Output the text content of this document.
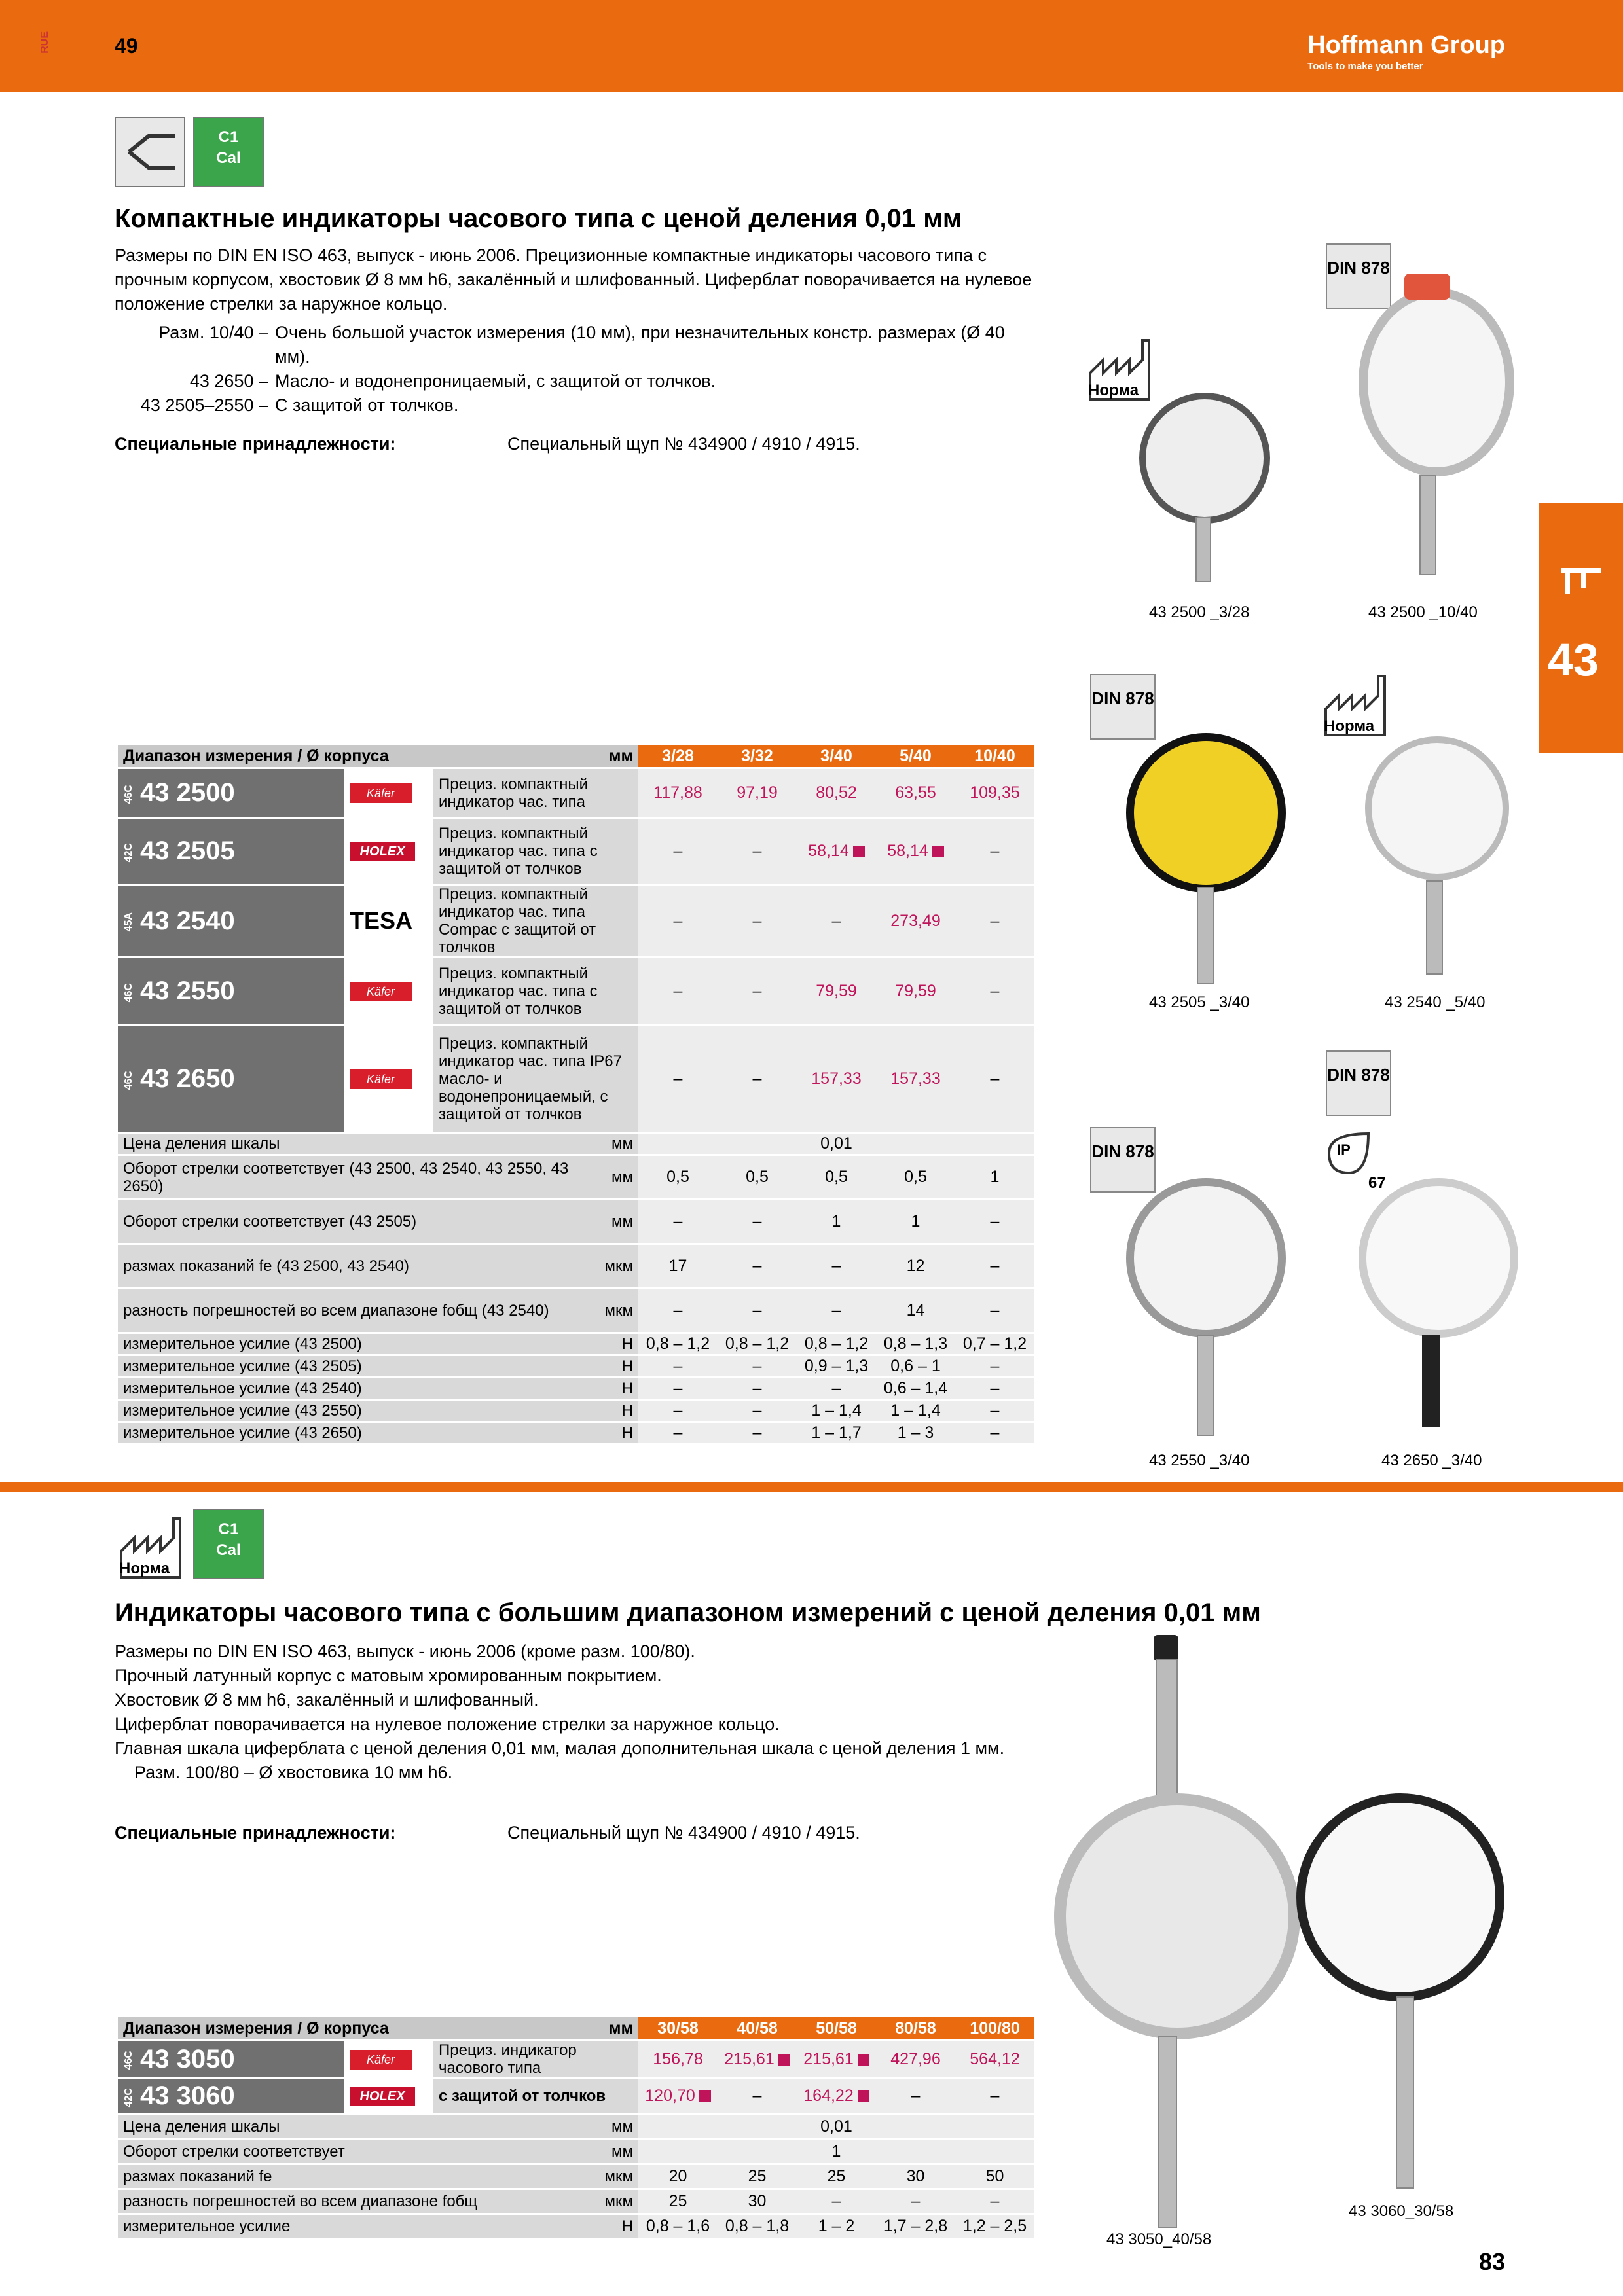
RUE	49	Hoffmann Group
Tools to make you better
43
C1
Cal
Компактные индикаторы часового типа с ценой деления 0,01 мм
Размеры по DIN EN ISO 463, выпуск - июнь 2006. Прецизионные компактные индикаторы часового типа с прочным корпусом, хвостовик Ø 8 мм h6, закалённый и шлифованный. Циферблат поворачивается на нулевое положение стрелки за наружное кольцо.
Разм. 10/40 – Очень большой участок измерения (10 мм), при незначительных констр. размерах (Ø 40 мм).
43 2650 – Масло- и водонепроницаемый, с защитой от толчков.
43 2505–2550 – С защитой от толчков.
Специальные принадлежности:	Специальный щуп № 434900 / 4910 / 4915.
Диапазон измерения / Ø корпуса			мм	3/28	3/32	3/40	5/40	10/40
46C 43 2500	Käfer	Прециз. компактный индикатор час. типа		117,88	97,19	80,52	63,55	109,35
42C 43 2505	HOLEX	Прециз. компактный индикатор час. типа с защитой от толчков		–	–	58,14	58,14	–
45A 43 2540	TESA	Прециз. компактный индикатор час. типа Compac с защитой от толчков		–	–	–	273,49	–
46C 43 2550	Käfer	Прециз. компактный индикатор час. типа с защитой от толчков		–	–	79,59	79,59	–
46C 43 2650	Käfer	Прециз. компактный индикатор час. типа IP67 масло- и водонепроницаемый, с защитой от толчков		–	–	157,33	157,33	–
Цена деления шкалы			мм	0,01				
Оборот стрелки соответствует (43 2500, 43 2540, 43 2550, 43 2650)			мм	0,5	0,5	0,5	0,5	1
Оборот стрелки соответствует (43 2505)			мм	–	–	1	1	–
размах показаний fe (43 2500, 43 2540)			мкм	17	–	–	12	–
разность погрешностей во всем диапазоне fобщ (43 2540)			мкм	–	–	–	14	–
измерительное усилие (43 2500)			Н	0,8 – 1,2	0,8 – 1,2	0,8 – 1,2	0,8 – 1,3	0,7 – 1,2
измерительное усилие (43 2505)			Н	–	–	0,9 – 1,3	0,6 – 1	–
измерительное усилие (43 2540)			Н	–	–	–	0,6 – 1,4	–
измерительное усилие (43 2550)			Н	–	–	1 – 1,4	1 – 1,4	–
измерительное усилие (43 2650)			Н	–	–	1 – 1,7	1 – 3	–
Норма
43 2500 _3/28
DIN 878
43 2500 _10/40
DIN 878
43 2505 _3/40
Норма
43 2540 _5/40
DIN 878
43 2550 _3/40
DIN 878
IP
67
43 2650 _3/40
Норма
C1
Cal
Индикаторы часового типа с большим диапазоном измерений с ценой деления 0,01 мм
Размеры по DIN EN ISO 463, выпуск - июнь 2006 (кроме разм. 100/80).
Прочный латунный корпус с матовым хромированным покрытием.
Хвостовик Ø 8 мм h6, закалённый и шлифованный.
Циферблат поворачивается на нулевое положение стрелки за наружное кольцо.
Главная шкала циферблата с ценой деления 0,01 мм, малая дополнительная шкала с ценой деления 1 мм.
Разм. 100/80 – Ø хвостовика 10 мм h6.
Специальные принадлежности:	Специальный щуп № 434900 / 4910 / 4915.
Диапазон измерения / Ø корпуса			мм	30/58	40/58	50/58	80/58	100/80
46C 43 3050	Käfer	Прециз. индикатор часового типа		156,78	215,61	215,61	427,96	564,12
42C 43 3060	HOLEX	с защитой от толчков		120,70	–	164,22	–	–
Цена деления шкалы			мм	0,01				
Оборот стрелки соответствует			мм	1				
размах показаний fe			мкм	20	25	25	30	50
разность погрешностей во всем диапазоне fобщ			мкм	25	30	–	–	–
измерительное усилие			Н	0,8 – 1,6	0,8 – 1,8	1 – 2	1,7 – 2,8	1,2 – 2,5
43 3050_40/58
43 3060_30/58
83
